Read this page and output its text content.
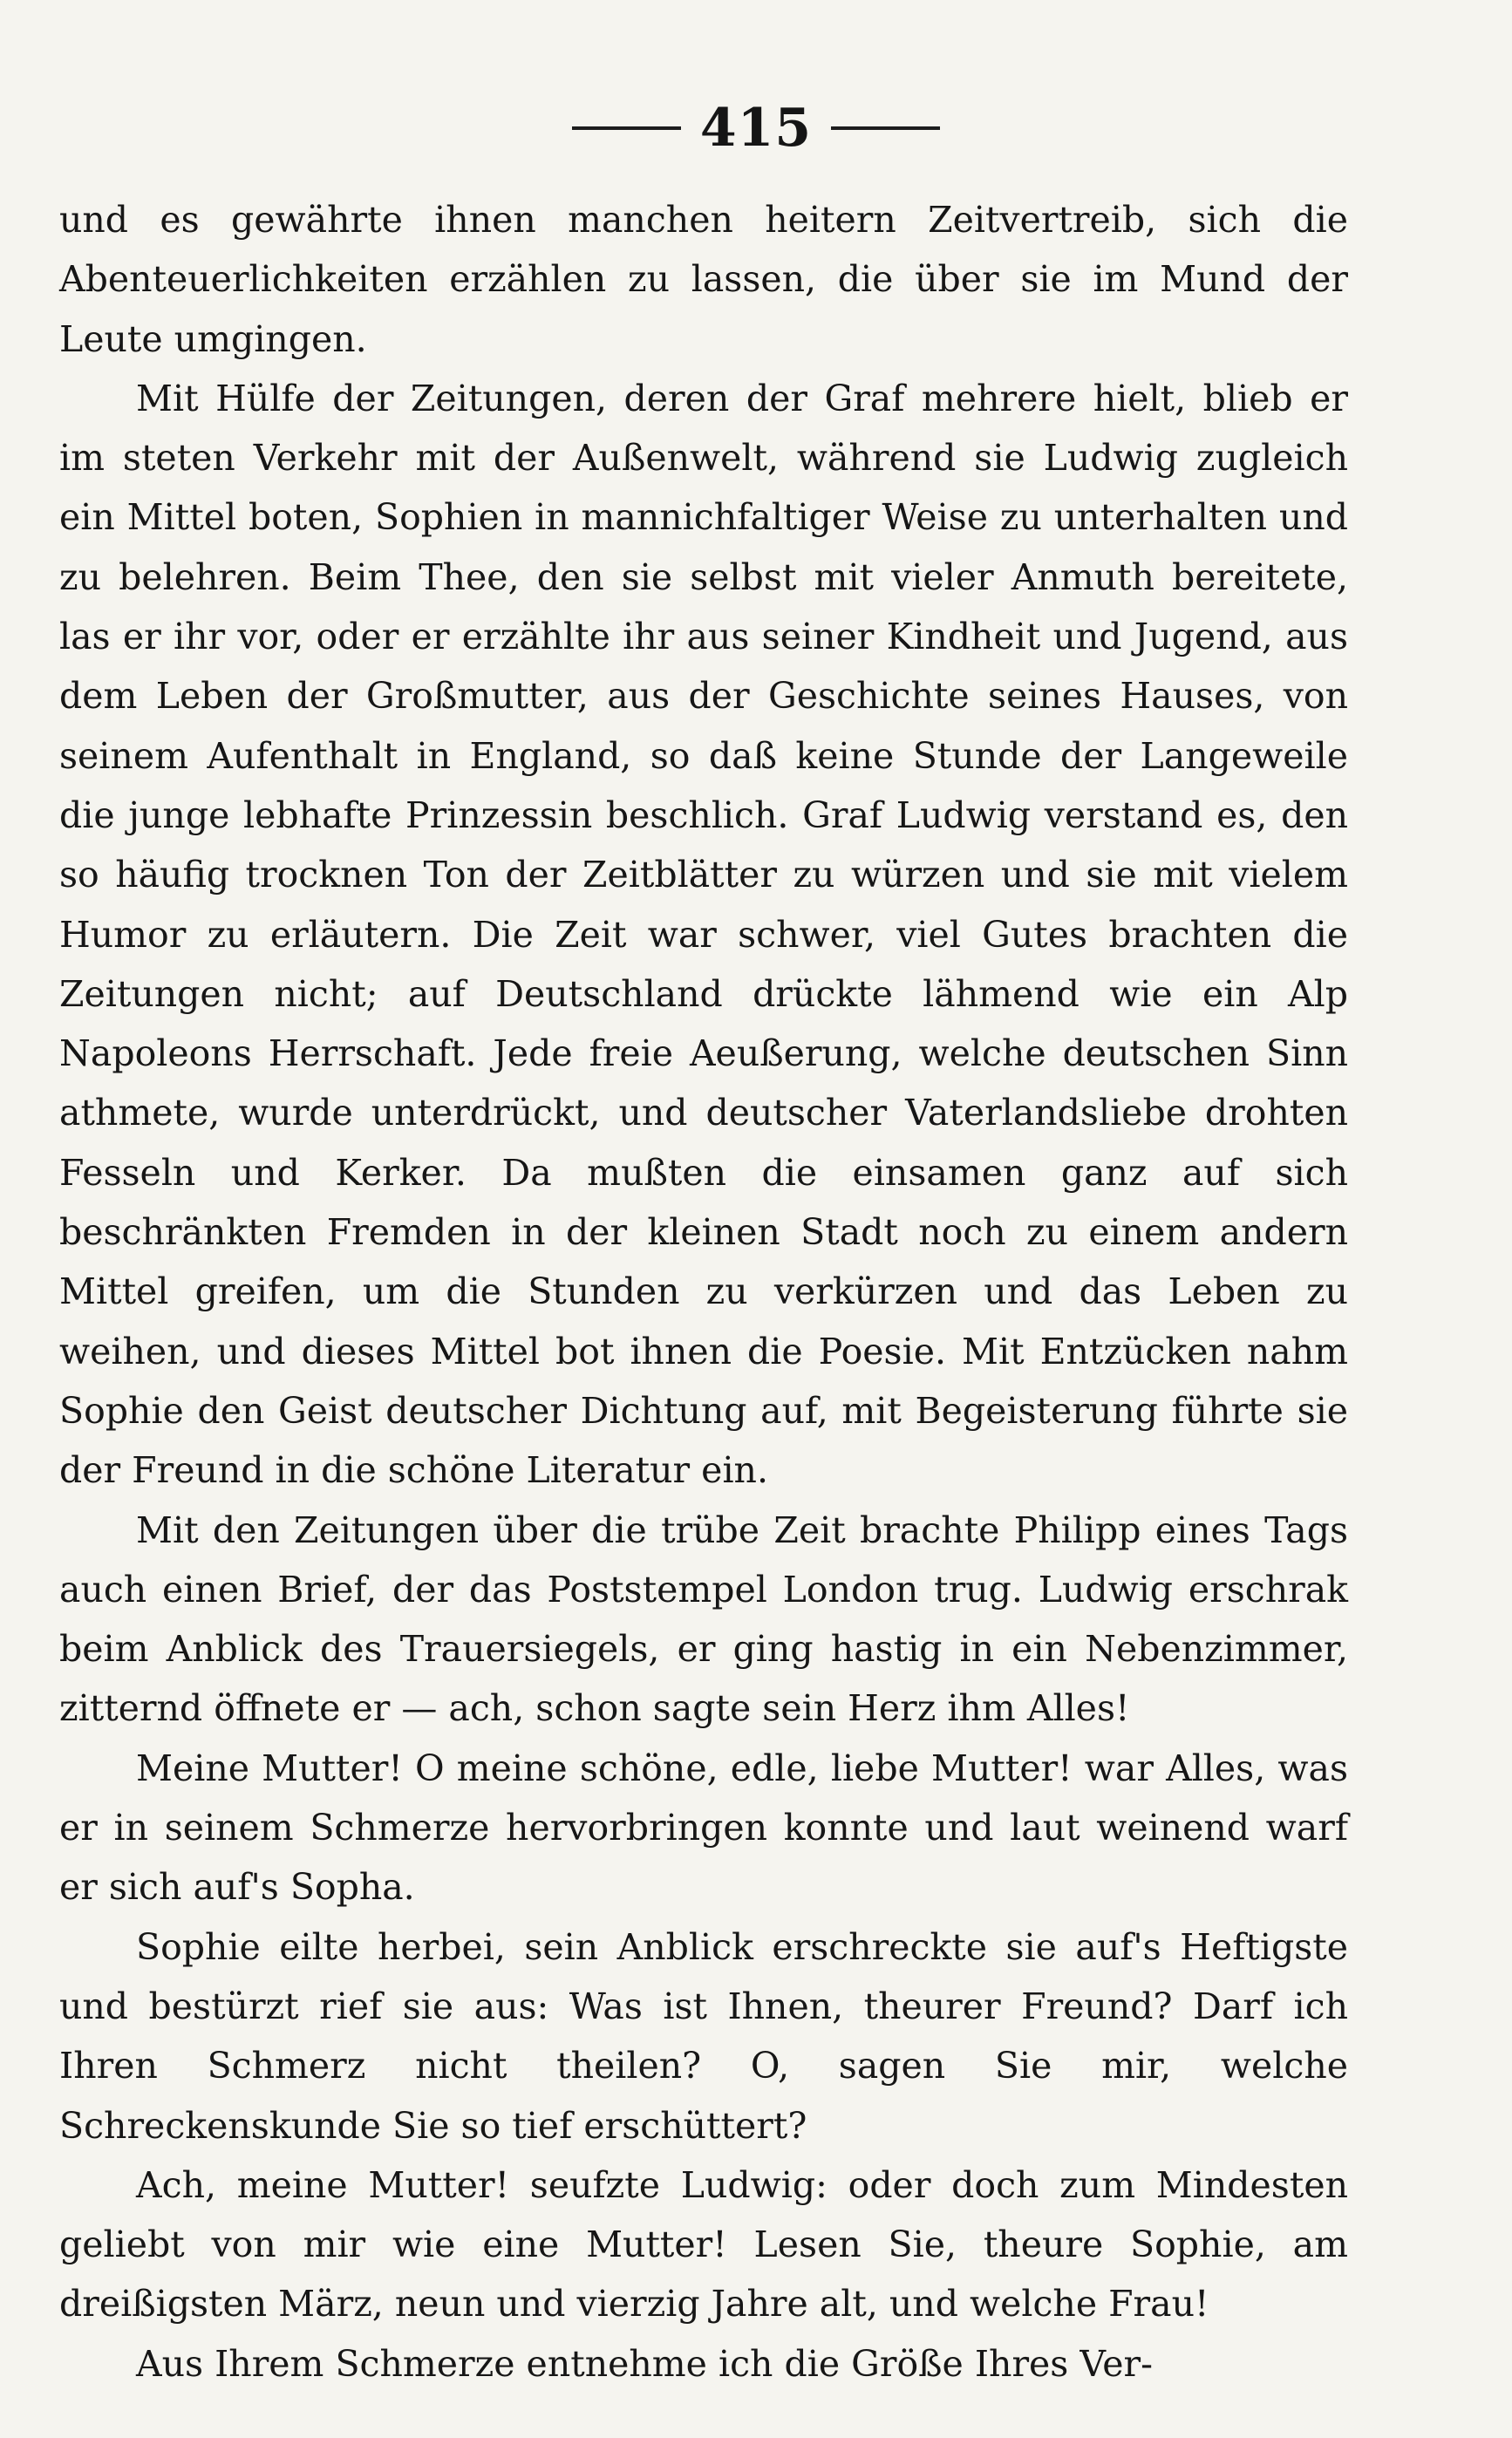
415

und es gewährte ihnen manchen heitern Zeitvertreib, sich die Abenteuerlichkeiten erzählen zu lassen, die über sie im Mund der Leute umgingen.

Mit Hülfe der Zeitungen, deren der Graf mehrere hielt, blieb er im steten Verkehr mit der Außenwelt, während sie Ludwig zugleich ein Mittel boten, Sophien in mannichfaltiger Weise zu unterhalten und zu belehren. Beim Thee, den sie selbst mit vieler Anmuth bereitete, las er ihr vor, oder er erzählte ihr aus seiner Kindheit und Jugend, aus dem Leben der Großmutter, aus der Geschichte seines Hauses, von seinem Aufenthalt in England, so daß keine Stunde der Langeweile die junge lebhafte Prinzessin beschlich. Graf Ludwig verstand es, den so häufig trocknen Ton der Zeitblätter zu würzen und sie mit vielem Humor zu erläutern. Die Zeit war schwer, viel Gutes brachten die Zeitungen nicht; auf Deutschland drückte lähmend wie ein Alp Napoleons Herrschaft. Jede freie Aeußerung, welche deutschen Sinn athmete, wurde unterdrückt, und deutscher Vaterlandsliebe drohten Fesseln und Kerker. Da mußten die einsamen ganz auf sich beschränkten Fremden in der kleinen Stadt noch zu einem andern Mittel greifen, um die Stunden zu verkürzen und das Leben zu weihen, und dieses Mittel bot ihnen die Poesie. Mit Entzücken nahm Sophie den Geist deutscher Dichtung auf, mit Begeisterung führte sie der Freund in die schöne Literatur ein.

Mit den Zeitungen über die trübe Zeit brachte Philipp eines Tags auch einen Brief, der das Poststempel London trug. Ludwig erschrak beim Anblick des Trauersiegels, er ging hastig in ein Nebenzimmer, zitternd öffnete er — ach, schon sagte sein Herz ihm Alles!

Meine Mutter! O meine schöne, edle, liebe Mutter! war Alles, was er in seinem Schmerze hervorbringen konnte und laut weinend warf er sich auf's Sopha.

Sophie eilte herbei, sein Anblick erschreckte sie auf's Heftigste und bestürzt rief sie aus: Was ist Ihnen, theurer Freund? Darf ich Ihren Schmerz nicht theilen? O, sagen Sie mir, welche Schreckenskunde Sie so tief erschüttert?

Ach, meine Mutter! seufzte Ludwig: oder doch zum Mindesten geliebt von mir wie eine Mutter! Lesen Sie, theure Sophie, am dreißigsten März, neun und vierzig Jahre alt, und welche Frau!

Aus Ihrem Schmerze entnehme ich die Größe Ihres Ver-
